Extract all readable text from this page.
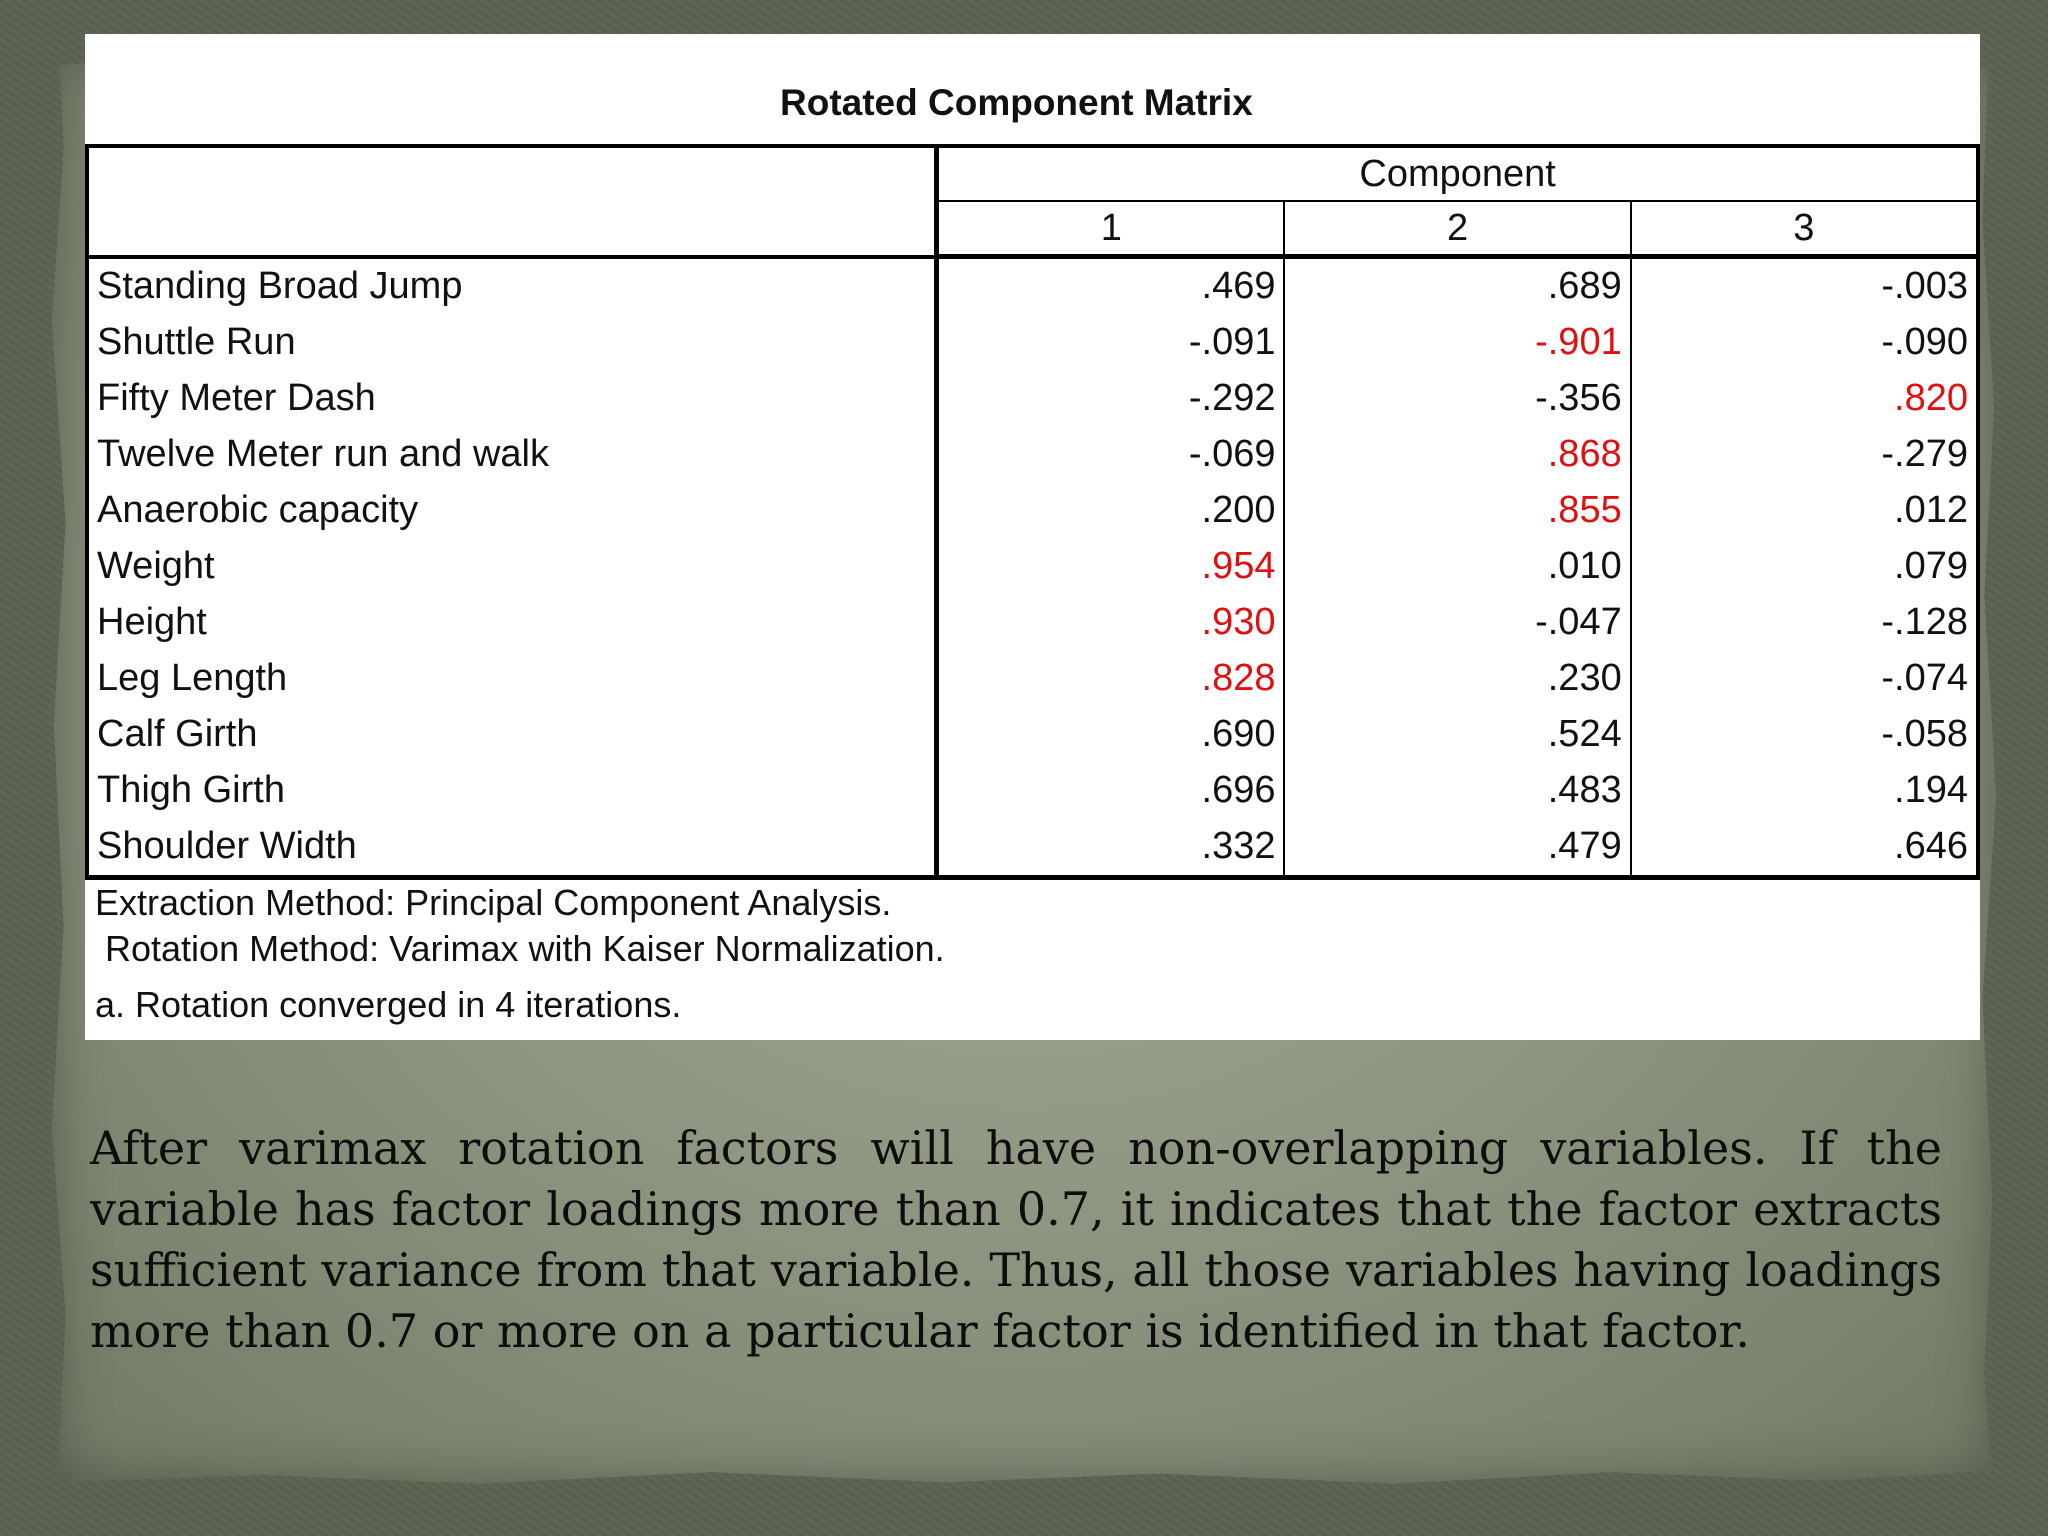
Rotated Component Matrix
	Component		
	1	2	3
Standing Broad Jump	.469	.689	-.003
Shuttle Run	-.091	-.901	-.090
Fifty Meter Dash	-.292	-.356	.820
Twelve Meter run and walk	-.069	.868	-.279
Anaerobic capacity	.200	.855	.012
Weight	.954	.010	.079
Height	.930	-.047	-.128
Leg Length	.828	.230	-.074
Calf Girth	.690	.524	-.058
Thigh Girth	.696	.483	.194
Shoulder Width	.332	.479	.646
Extraction Method: Principal Component Analysis.
Rotation Method: Varimax with Kaiser Normalization.
a. Rotation converged in 4 iterations.
After varimax rotation factors will have non-overlapping variables. If the variable has factor loadings more than 0.7, it indicates that the factor extracts sufficient variance from that variable. Thus, all those variables having loadings more than 0.7 or more on a particular factor is identified in that factor.
